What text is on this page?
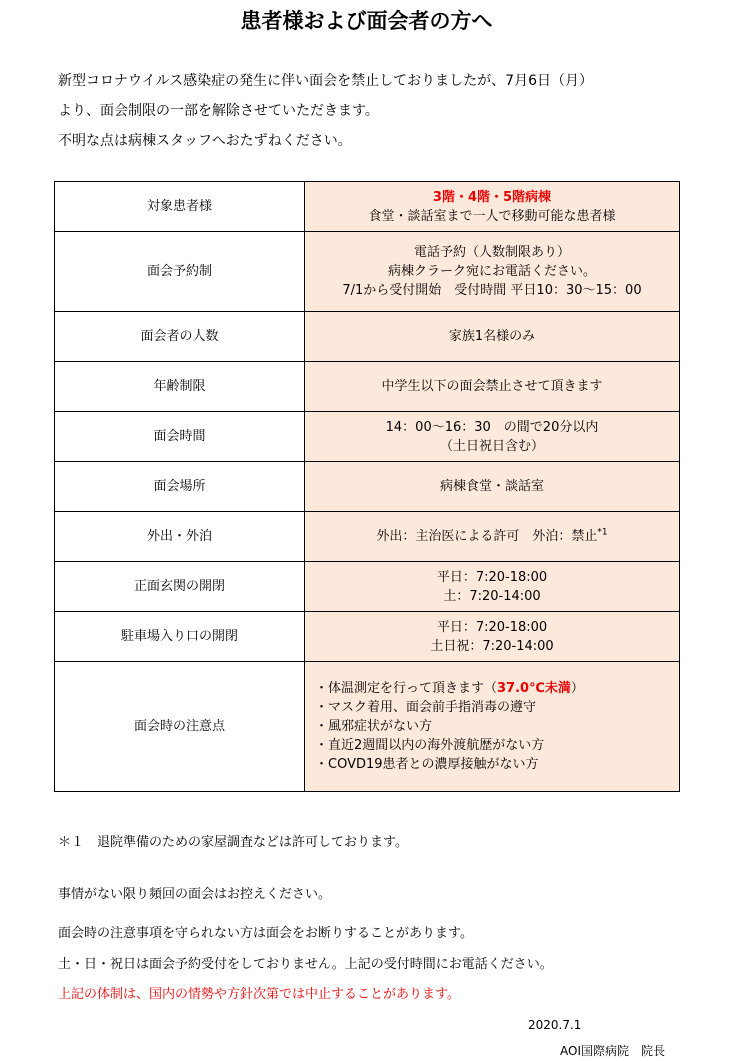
患者様および面会者の方へ
新型コロナウイルス感染症の発生に伴い面会を禁止しておりましたが、7月6日（月）
より、面会制限の一部を解除させていただきます。
不明な点は病棟スタッフへおたずねください。
対象患者様	3階・4階・5階病棟
食堂・談話室まで一人で移動可能な患者様

面会予約制	電話予約（人数制限あり）
病棟クラーク宛にお電話ください。
7/1から受付開始　受付時間 平日10：30〜15：00

面会者の人数	家族1名様のみ
年齢制限	中学生以下の面会禁止させて頂きます
面会時間	14：00〜16：30　の間で20分以内
（土日祝日含む）

面会場所	病棟食堂・談話室
外出・外泊	外出：主治医による許可　外泊：禁止$^{*1}$
正面玄関の開閉	平日：7:20-18:00
土：7:20-14:00

駐車場入り口の開閉	平日：7:20-18:00
土日祝：7:20-14:00

面会時の注意点	・体温測定を行って頂きます（37.0℃未満）
・マスク着用、面会前手指消毒の遵守
・風邪症状がない方
・直近2週間以内の海外渡航歴がない方
・COVD19患者との濃厚接触がない方
＊１　退院準備のための家屋調査などは許可しております。
事情がない限り頻回の面会はお控えください。
面会時の注意事項を守られない方は面会をお断りすることがあります。
土・日・祝日は面会予約受付をしておりません。上記の受付時間にお電話ください。
上記の体制は、国内の情勢や方針次第では中止することがあります。
2020.7.1
AOI国際病院　院長
